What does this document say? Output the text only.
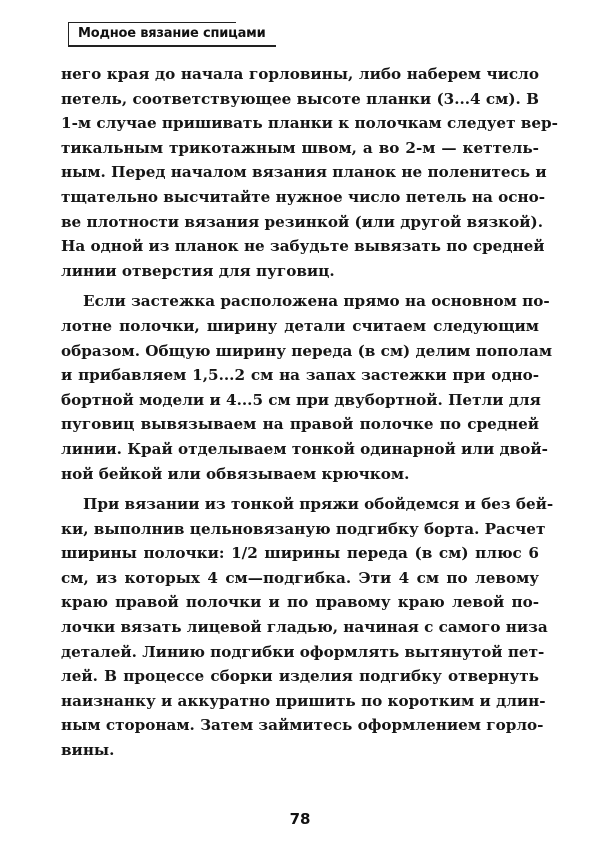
Модное вязание спицами
него края до начала горловины, либо наберем число
петель, соответствующее высоте планки (3...4 см). В
1-м случае пришивать планки к полочкам следует вер-
тикальным трикотажным швом, а во 2-м — кеттель-
ным. Перед началом вязания планок не поленитесь и
тщательно высчитайте нужное число петель на осно-
ве плотности вязания резинкой (или другой вязкой).
На одной из планок не забудьте вывязать по средней
линии отверстия для пуговиц.
Если застежка расположена прямо на основном по-
лотне полочки, ширину детали считаем следующим
образом. Общую ширину переда (в см) делим пополам
и прибавляем 1,5...2 см на запах застежки при одно-
бортной модели и 4...5 см при двубортной. Петли для
пуговиц вывязываем на правой полочке по средней
линии. Край отделываем тонкой одинарной или двой-
ной бейкой или обвязываем крючком.
При вязании из тонкой пряжи обойдемся и без бей-
ки, выполнив цельновязаную подгибку борта. Расчет
ширины полочки: 1/2 ширины переда (в см) плюс 6
см, из которых 4 см—подгибка. Эти 4 см по левому
краю правой полочки и по правому краю левой по-
лочки вязать лицевой гладью, начиная с самого низа
деталей. Линию подгибки оформлять вытянутой пет-
лей. В процессе сборки изделия подгибку отвернуть
наизнанку и аккуратно пришить по коротким и длин-
ным сторонам. Затем займитесь оформлением горло-
вины.
78
